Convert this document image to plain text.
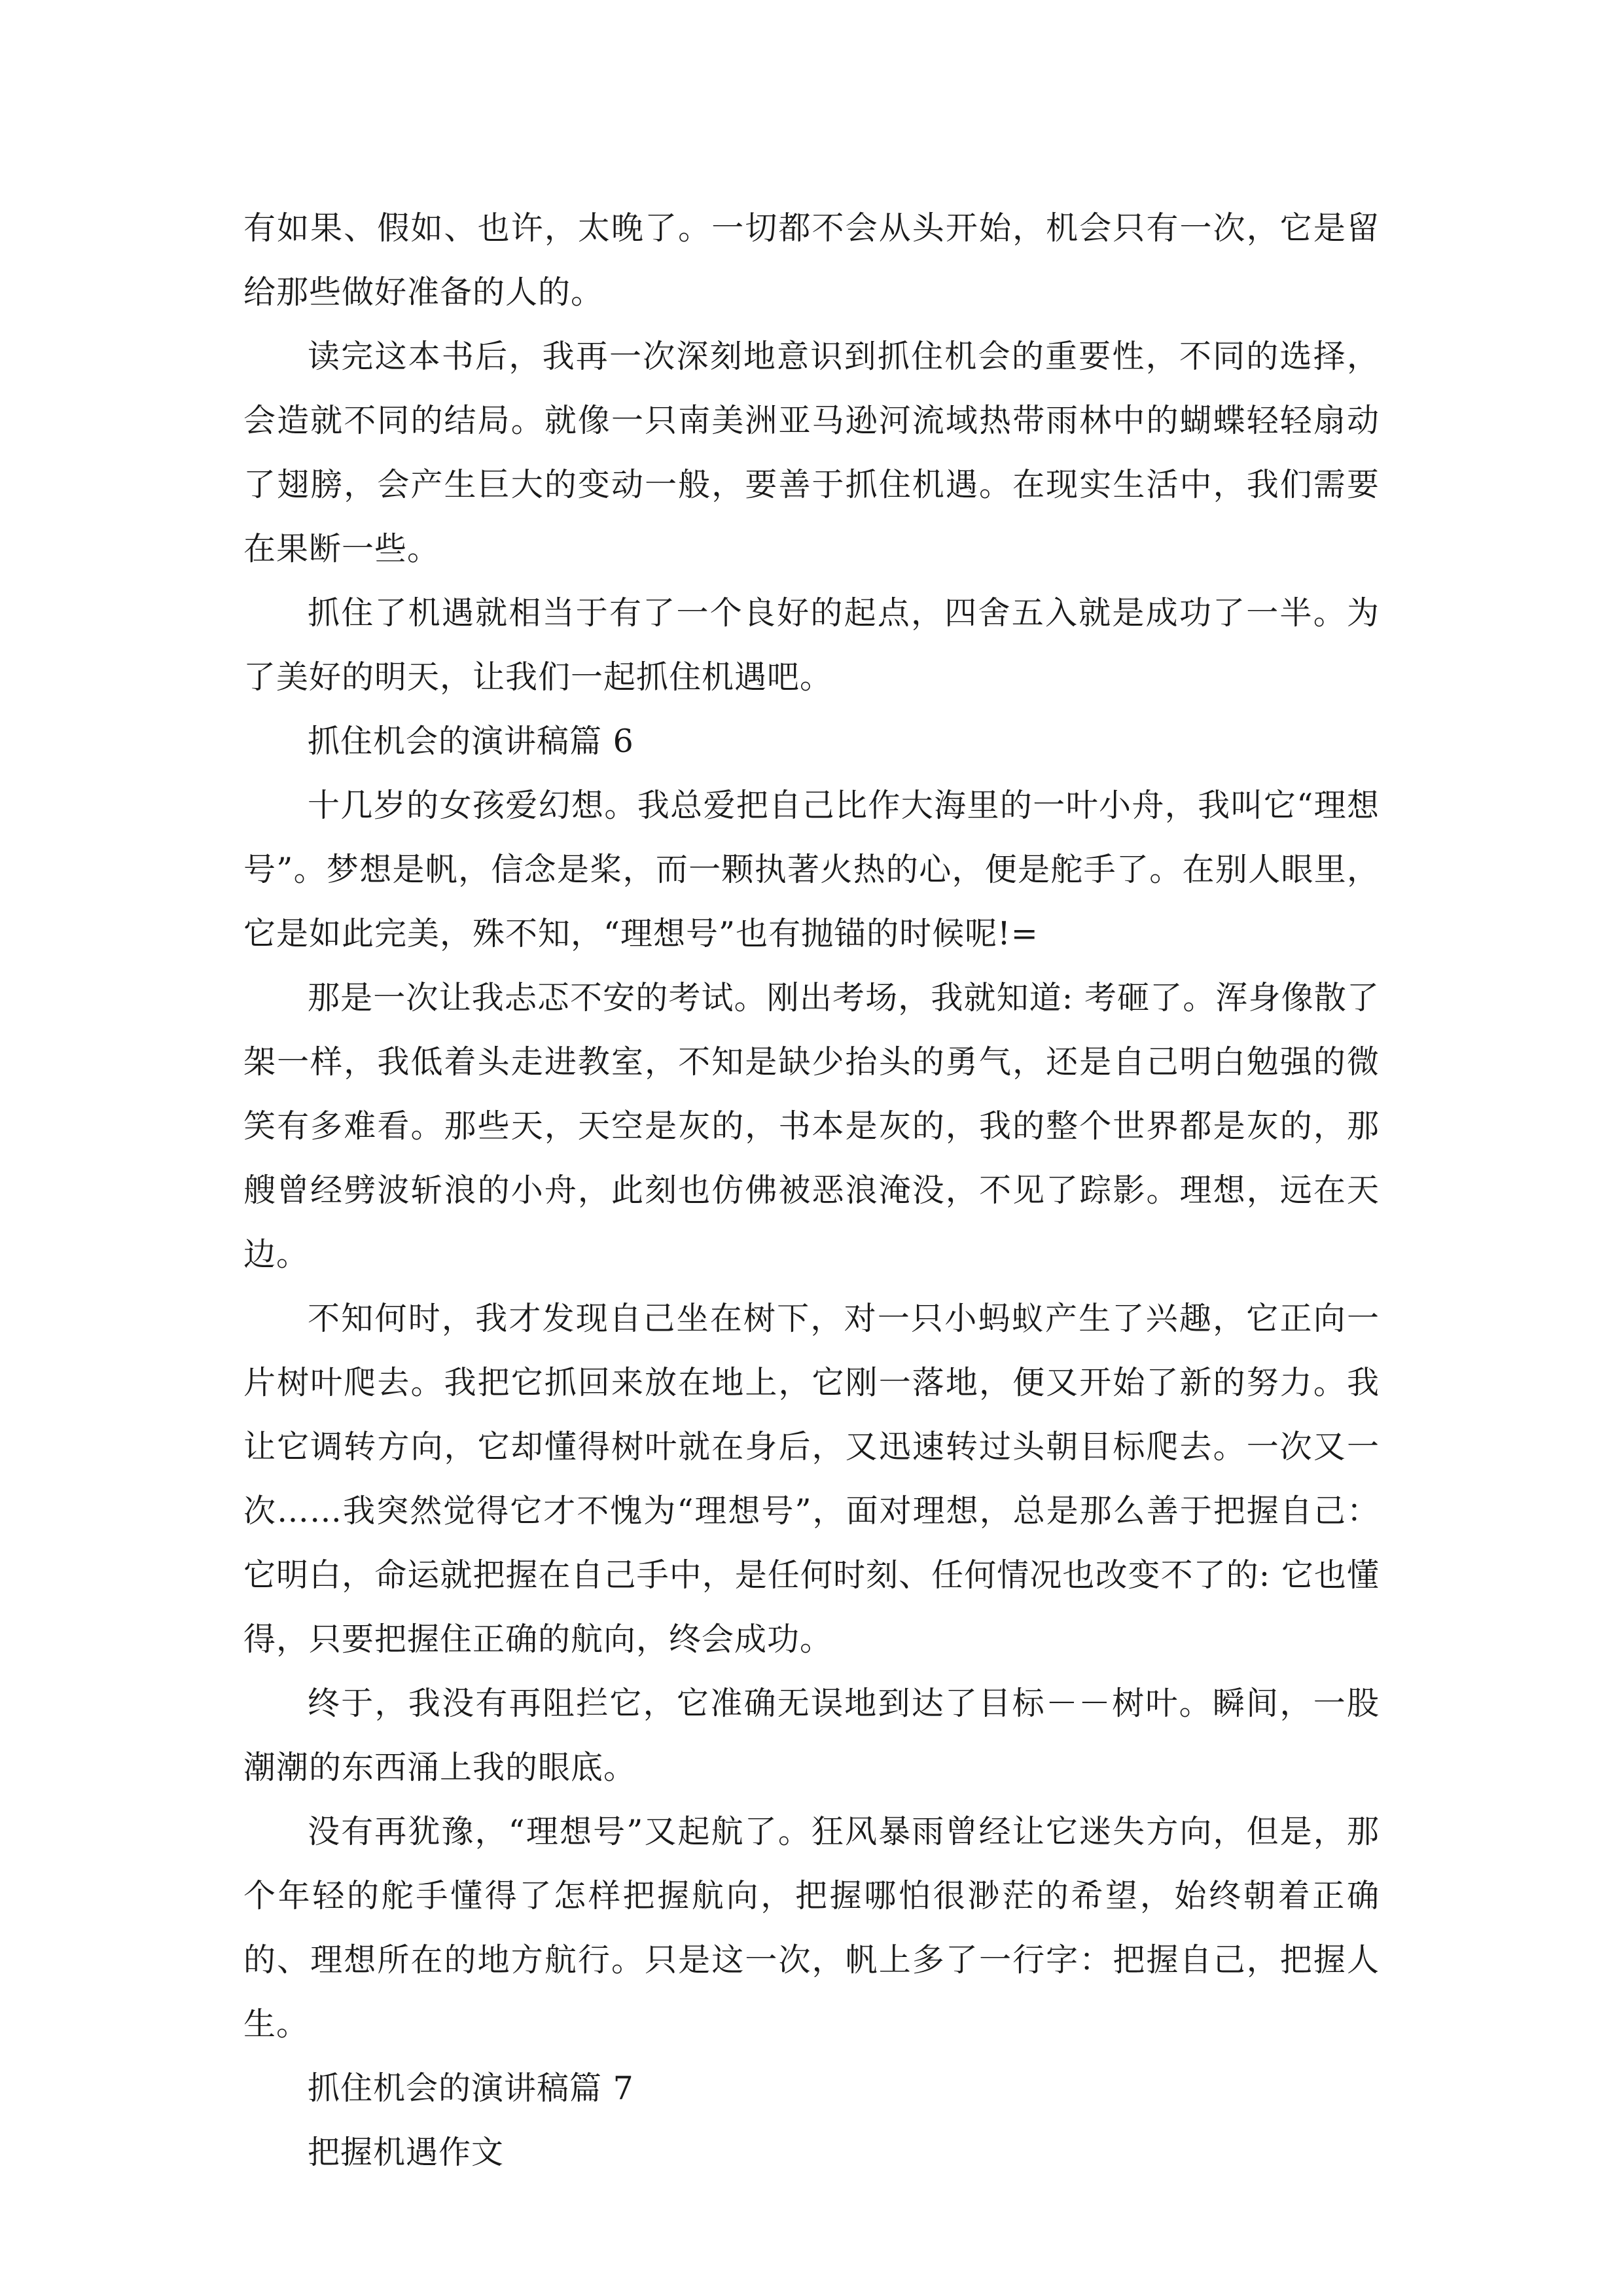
有如果、假如、也许，太晚了。一切都不会从头开始，机会只有一次，它是留给那些做好准备的人的。

读完这本书后，我再一次深刻地意识到抓住机会的重要性，不同的选择，会造就不同的结局。就像一只南美洲亚马逊河流域热带雨林中的蝴蝶轻轻扇动了翅膀，会产生巨大的变动一般，要善于抓住机遇。在现实生活中，我们需要在果断一些。

抓住了机遇就相当于有了一个良好的起点，四舍五入就是成功了一半。为了美好的明天，让我们一起抓住机遇吧。

抓住机会的演讲稿篇 6

十几岁的女孩爱幻想。我总爱把自己比作大海里的一叶小舟，我叫它“理想号”。梦想是帆，信念是桨，而一颗执著火热的心，便是舵手了。在别人眼里，它是如此完美，殊不知，“理想号”也有抛锚的时候呢!=

那是一次让我忐忑不安的考试。刚出考场，我就知道: 考砸了。浑身像散了架一样，我低着头走进教室，不知是缺少抬头的勇气，还是自己明白勉强的微笑有多难看。那些天，天空是灰的，书本是灰的，我的整个世界都是灰的，那艘曾经劈波斩浪的小舟，此刻也仿佛被恶浪淹没，不见了踪影。理想，远在天边。

不知何时，我才发现自己坐在树下，对一只小蚂蚁产生了兴趣，它正向一片树叶爬去。我把它抓回来放在地上，它刚一落地，便又开始了新的努力。我让它调转方向，它却懂得树叶就在身后，又迅速转过头朝目标爬去。一次又一次……我突然觉得它才不愧为“理想号”，面对理想，总是那么善于把握自己：它明白，命运就把握在自己手中，是任何时刻、任何情况也改变不了的: 它也懂得，只要把握住正确的航向，终会成功。

终于，我没有再阻拦它，它准确无误地到达了目标－－树叶。瞬间，一股潮潮的东西涌上我的眼底。

没有再犹豫，“理想号”又起航了。狂风暴雨曾经让它迷失方向，但是，那个年轻的舵手懂得了怎样把握航向，把握哪怕很渺茫的希望，始终朝着正确的、理想所在的地方航行。只是这一次，帆上多了一行字：把握自己，把握人生。

抓住机会的演讲稿篇 7

把握机遇作文
